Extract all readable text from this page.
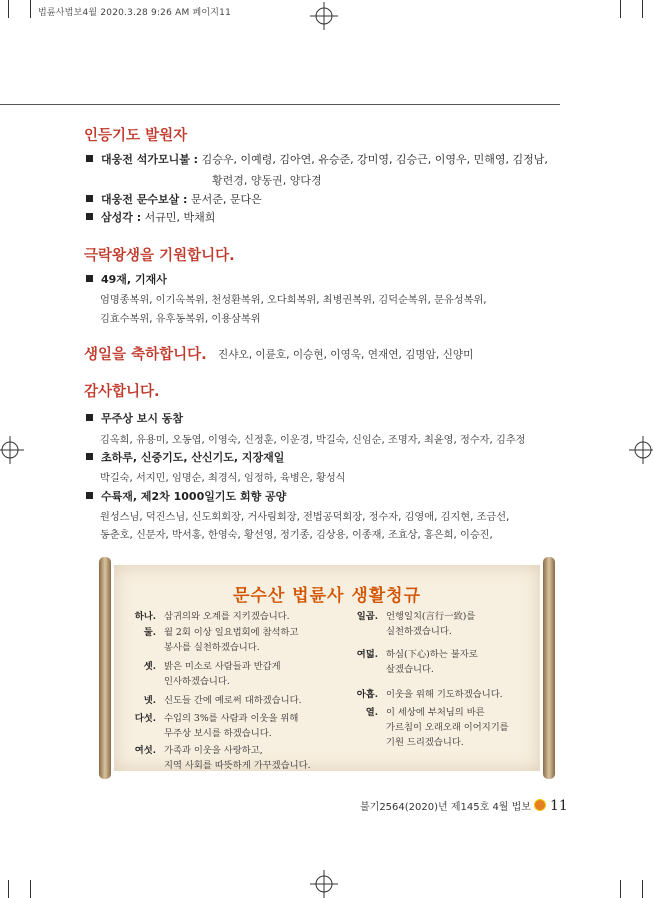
법륜사법보4월 2020.3.28 9:26 AM 페이지11
인등기도 발원자
대웅전 석가모니불 : 김승우, 이예령, 김아연, 유승준, 강미영, 김승근, 이영우, 민해영, 김정남,
황련경, 양동권, 양다경
대웅전 문수보살 : 문서준, 문다은
삼성각 : 서규민, 박채희
극락왕생을 기원합니다.
49재, 기재사
엄명종복위, 이기옥복위, 천성환복위, 오다희복위, 최병권복위, 김덕순복위, 문유성복위,
김효수복위, 유후동복위, 이용삼복위
생일을 축하합니다. 진샤오, 이륜호, 이승현, 이영욱, 연재연, 김명암, 신양미
감사합니다.
무주상 보시 동참
김옥희, 유용미, 오동엽, 이영숙, 신정훈, 이운경, 박길숙, 신임순, 조명자, 최윤영, 정수자, 김추정
초하루, 신중기도, 산신기도, 지장재일
박길숙, 서지민, 임명순, 최경식, 임정하, 육병은, 황성식
수륙재, 제2차 1000일기도 회향 공양
원성스님, 덕진스님, 신도회회장, 거사림회장, 전법공덕회장, 정수자, 김영애, 김지현, 조금선,
동춘호, 신문자, 박서홍, 한영숙, 황선영, 정기종, 김상용, 이종재, 조효상, 홍은희, 이승진,
문수산 법륜사 생활청규
하나. 삼귀의와 오계를 지키겠습니다.
둘. 월 2회 이상 일요법회에 참석하고
봉사를 실천하겠습니다.
셋. 밝은 미소로 사람들과 반갑게
인사하겠습니다.
넷. 신도들 간에 예로써 대하겠습니다.
다섯. 수입의 3%를 사람과 이웃을 위해
무주상 보시를 하겠습니다.
여섯. 가족과 이웃을 사랑하고,
지역 사회를 따뜻하게 가꾸겠습니다.
일곱. 언행일치(言行一致)를
실천하겠습니다.
여덟. 하심(下心)하는 불자로
살겠습니다.
아홉. 이웃을 위해 기도하겠습니다.
열. 이 세상에 부처님의 바른
가르침이 오래오래 이어지기를
기원 드리겠습니다.
불기2564(2020)년 제145호 4월 법보 11
